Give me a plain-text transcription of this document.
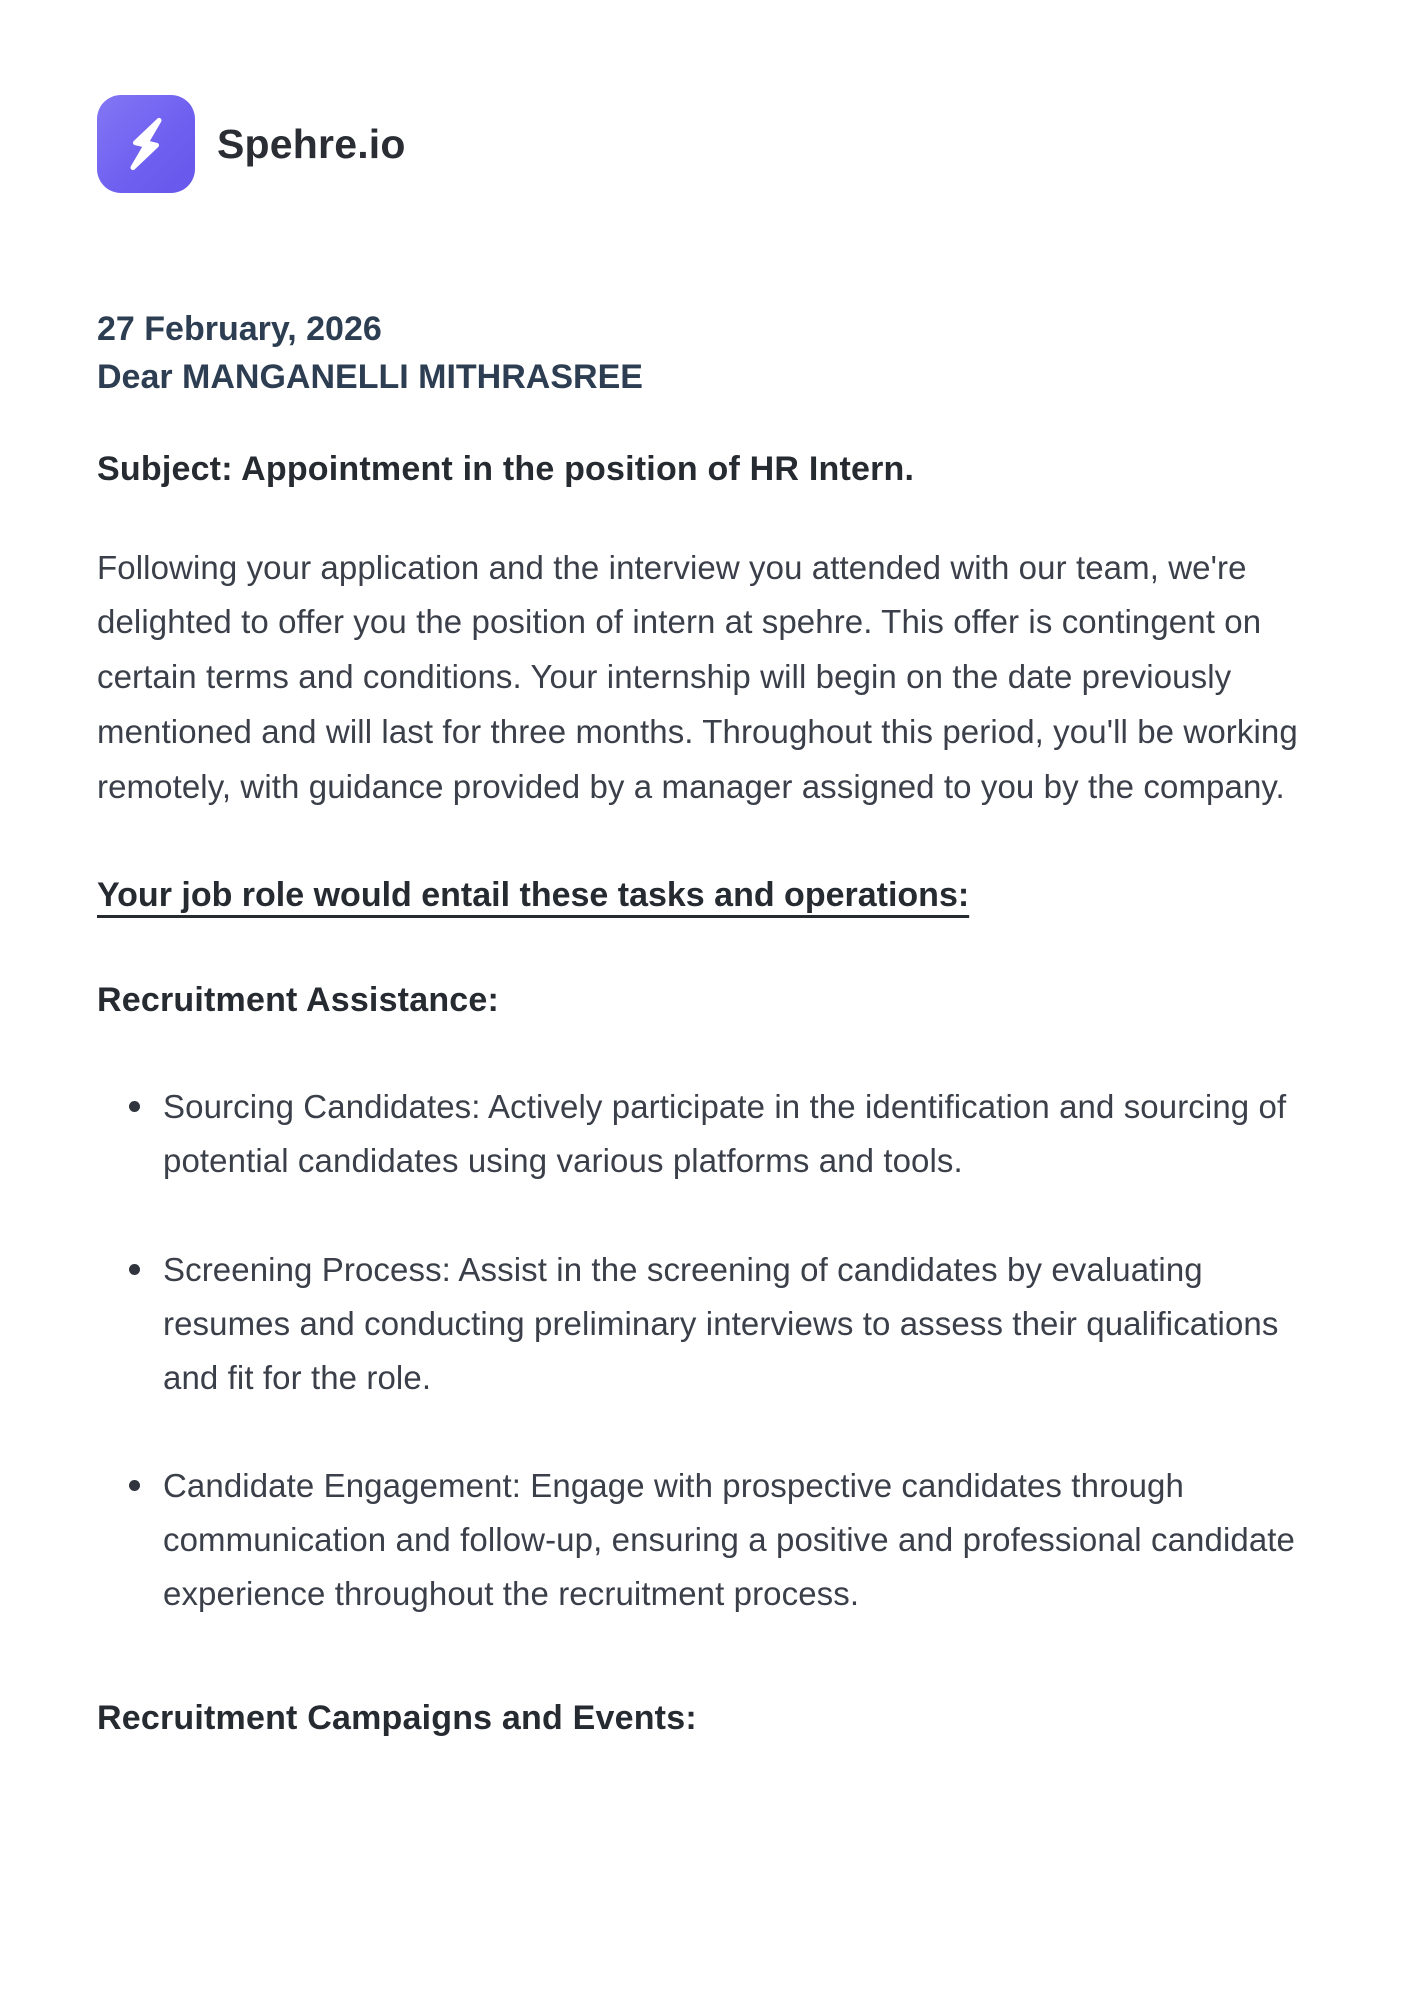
Spehre.io
27 February, 2026
Dear MANGANELLI MITHRASREE
Subject: Appointment in the position of HR Intern.

Following your application and the interview you attended with our team, we're delighted to offer you the position of intern at spehre. This offer is contingent on certain terms and conditions. Your internship will begin on the date previously mentioned and will last for three months. Throughout this period, you'll be working remotely, with guidance provided by a manager assigned to you by the company.

Your job role would entail these tasks and operations:
Recruitment Assistance:
Sourcing Candidates: Actively participate in the identification and sourcing of potential candidates using various platforms and tools.
Screening Process: Assist in the screening of candidates by evaluating resumes and conducting preliminary interviews to assess their qualifications and fit for the role.
Candidate Engagement: Engage with prospective candidates through communication and follow-up, ensuring a positive and professional candidate experience throughout the recruitment process.
Recruitment Campaigns and Events:
